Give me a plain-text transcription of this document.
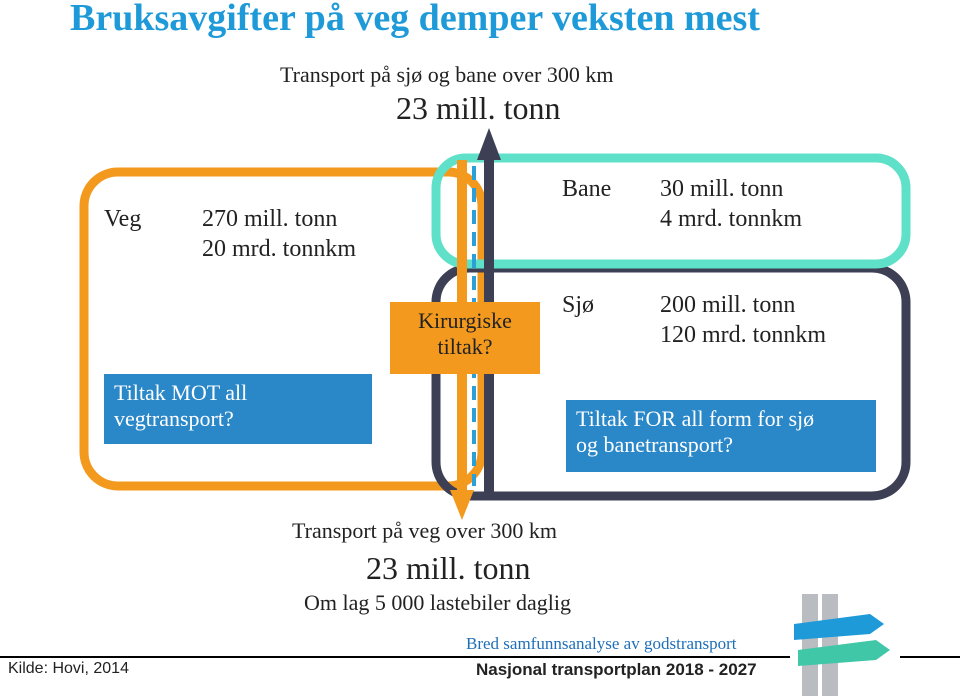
Bruksavgifter på veg demper veksten mest
Transport på sjø og bane over 300 km
23 mill. tonn
Veg	270 mill. tonn
20 mrd. tonnkm
Bane 30 mill. tonn
4 mrd. tonnkm
Sjø	200 mill. tonn
120 mrd. tonnkm
Tiltak MOT all
vegtransport?
Kirurgiske
tiltak?
Tiltak FOR all form for sjø
og banetransport?
Transport på veg over 300 km
23 mill. tonn
Om lag 5 000 lastebiler daglig
Kilde: Hovi, 2014
Bred samfunnsanalyse av godstransport
Nasjonal transportplan 2018 - 2027
